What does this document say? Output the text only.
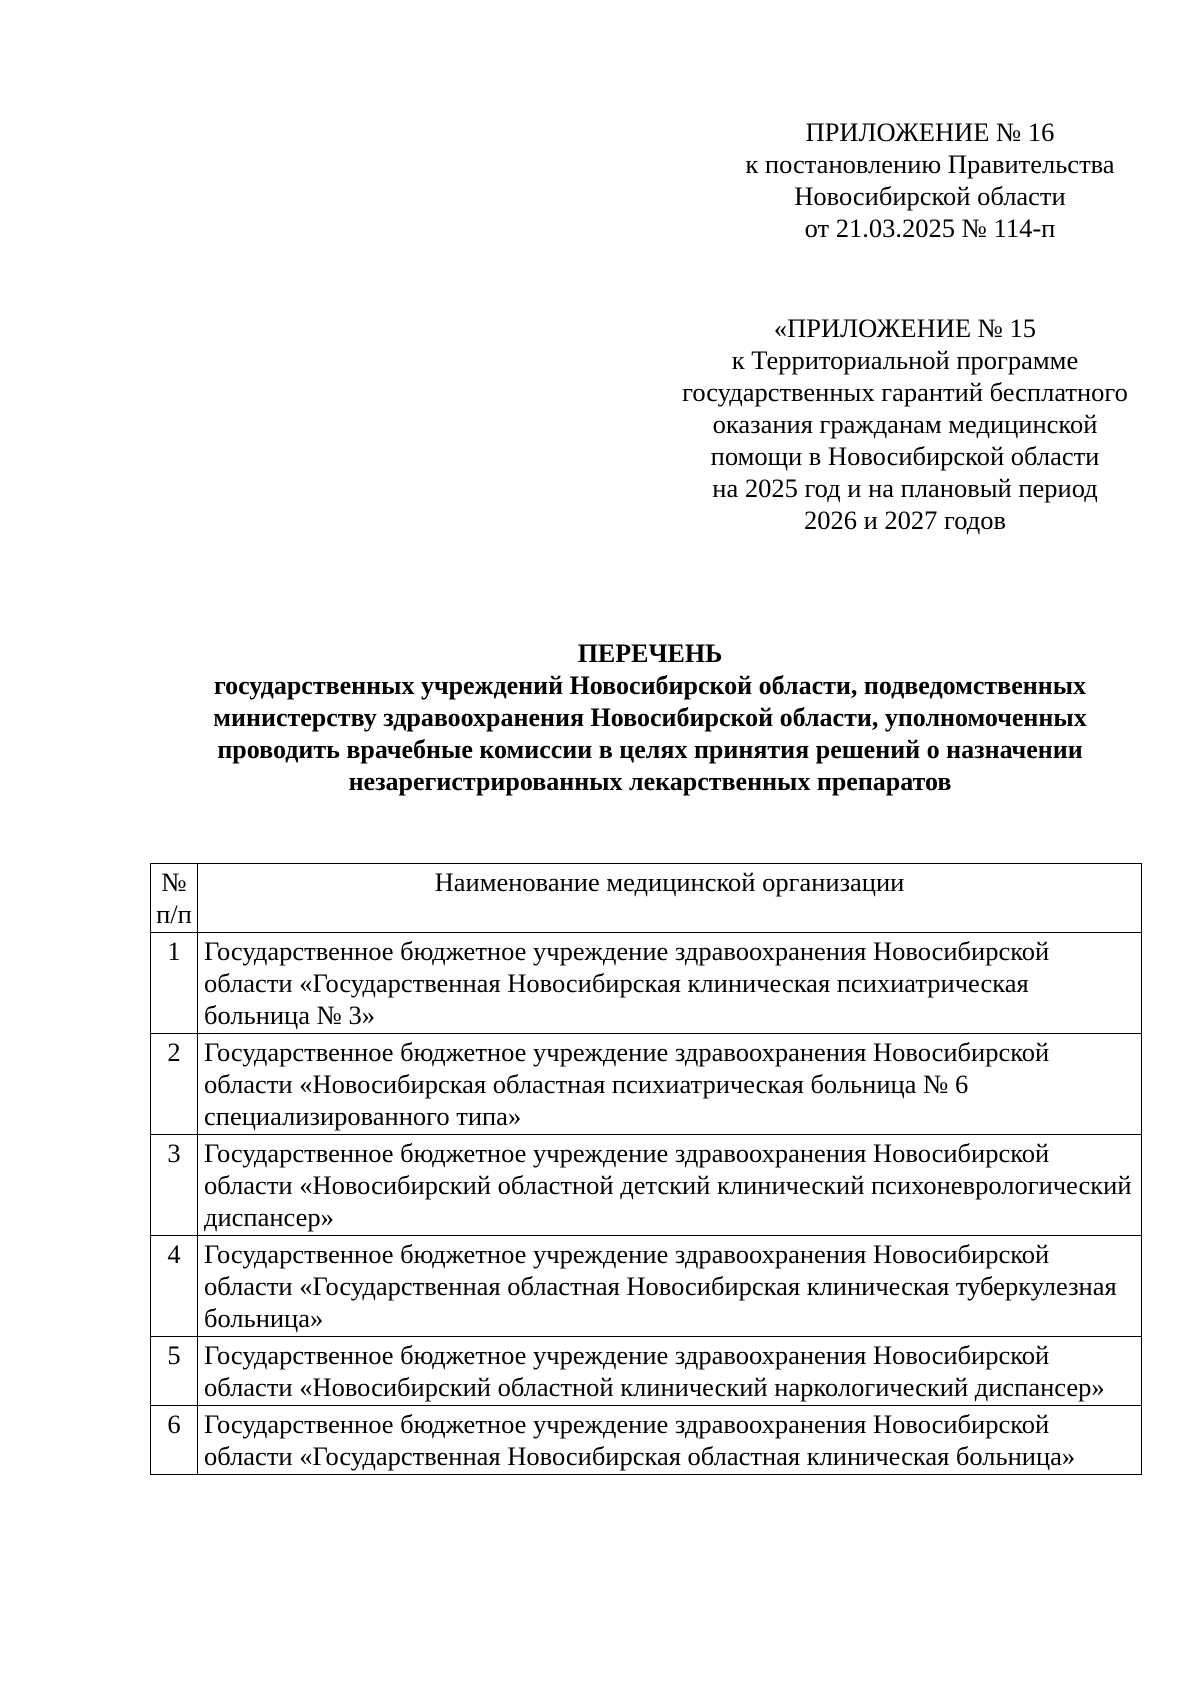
ПРИЛОЖЕНИЕ № 16
к постановлению Правительства
Новосибирской области
от 21.03.2025 № 114-п
«ПРИЛОЖЕНИЕ № 15
к Территориальной программе
государственных гарантий бесплатного
оказания гражданам медицинской
помощи в Новосибирской области
на 2025 год и на плановый период
2026 и 2027 годов
ПЕРЕЧЕНЬ
государственных учреждений Новосибирской области, подведомственных
министерству здравоохранения Новосибирской области, уполномоченных
проводить врачебные комиссии в целях принятия решений о назначении
незарегистрированных лекарственных препаратов
№
п/п	Наименование медицинской организации
1	Государственное бюджетное учреждение здравоохранения Новосибирской области «Государственная Новосибирская клиническая психиатрическая больница № 3»
2	Государственное бюджетное учреждение здравоохранения Новосибирской области «Новосибирская областная психиатрическая больница № 6 специализированного типа»
3	Государственное бюджетное учреждение здравоохранения Новосибирской области «Новосибирский областной детский клинический психоневрологический диспансер»
4	Государственное бюджетное учреждение здравоохранения Новосибирской области «Государственная областная Новосибирская клиническая туберкулезная больница»
5	Государственное бюджетное учреждение здравоохранения Новосибирской области «Новосибирский областной клинический наркологический диспансер»
6	Государственное бюджетное учреждение здравоохранения Новосибирской области «Государственная Новосибирская областная клиническая больница»
